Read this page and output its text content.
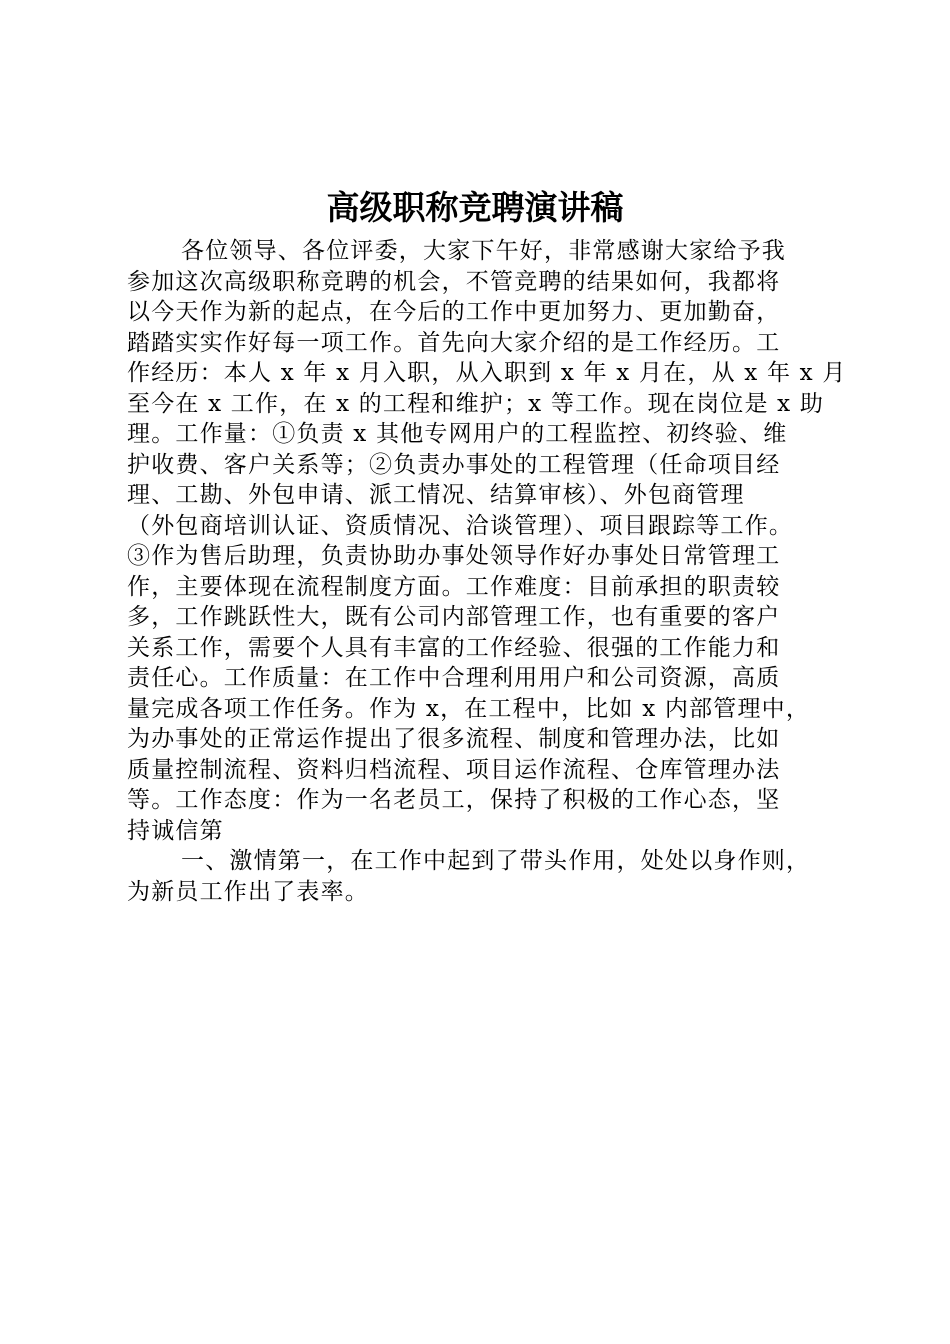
高级职称竞聘演讲稿
各位领导、各位评委，大家下午好，非常感谢大家给予我
参加这次高级职称竞聘的机会，不管竞聘的结果如何，我都将
以今天作为新的起点，在今后的工作中更加努力、更加勤奋，
踏踏实实作好每一项工作。首先向大家介绍的是工作经历。工
作经历：本人 x 年 x 月入职，从入职到 x 年 x 月在，从 x 年 x 月
至今在 x 工作，在 x 的工程和维护；x 等工作。现在岗位是 x 助
理。工作量：①负责 x 其他专网用户的工程监控、初终验、维
护收费、客户关系等；②负责办事处的工程管理（任命项目经
理、工勘、外包申请、派工情况、结算审核）、外包商管理
（外包商培训认证、资质情况、洽谈管理）、项目跟踪等工作。
③作为售后助理，负责协助办事处领导作好办事处日常管理工
作，主要体现在流程制度方面。工作难度：目前承担的职责较
多，工作跳跃性大，既有公司内部管理工作，也有重要的客户
关系工作，需要个人具有丰富的工作经验、很强的工作能力和
责任心。工作质量：在工作中合理利用用户和公司资源，高质
量完成各项工作任务。作为 x，在工程中，比如 x 内部管理中，
为办事处的正常运作提出了很多流程、制度和管理办法，比如
质量控制流程、资料归档流程、项目运作流程、仓库管理办法
等。工作态度：作为一名老员工，保持了积极的工作心态，坚
持诚信第
一、激情第一，在工作中起到了带头作用，处处以身作则，
为新员工作出了表率。
